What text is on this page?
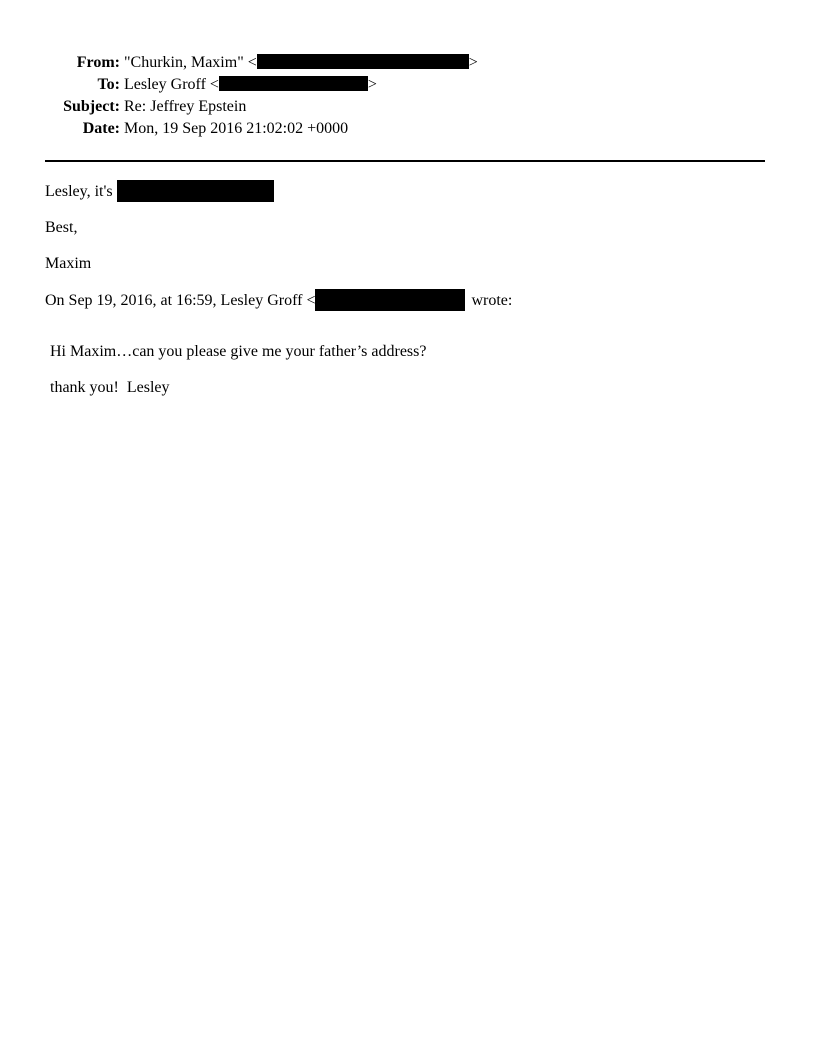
From: "Churkin, Maxim" <	>
To: Lesley Groff <	>
Subject: Re: Jeffrey Epstein
Date: Mon, 19 Sep 2016 21:02:02 +0000
Lesley, it's
Best,
Maxim
On Sep 19, 2016, at 16:59, Lesley Groff <	wrote:
Hi Maxim…can you please give me your father’s address?
thank you!  Lesley
